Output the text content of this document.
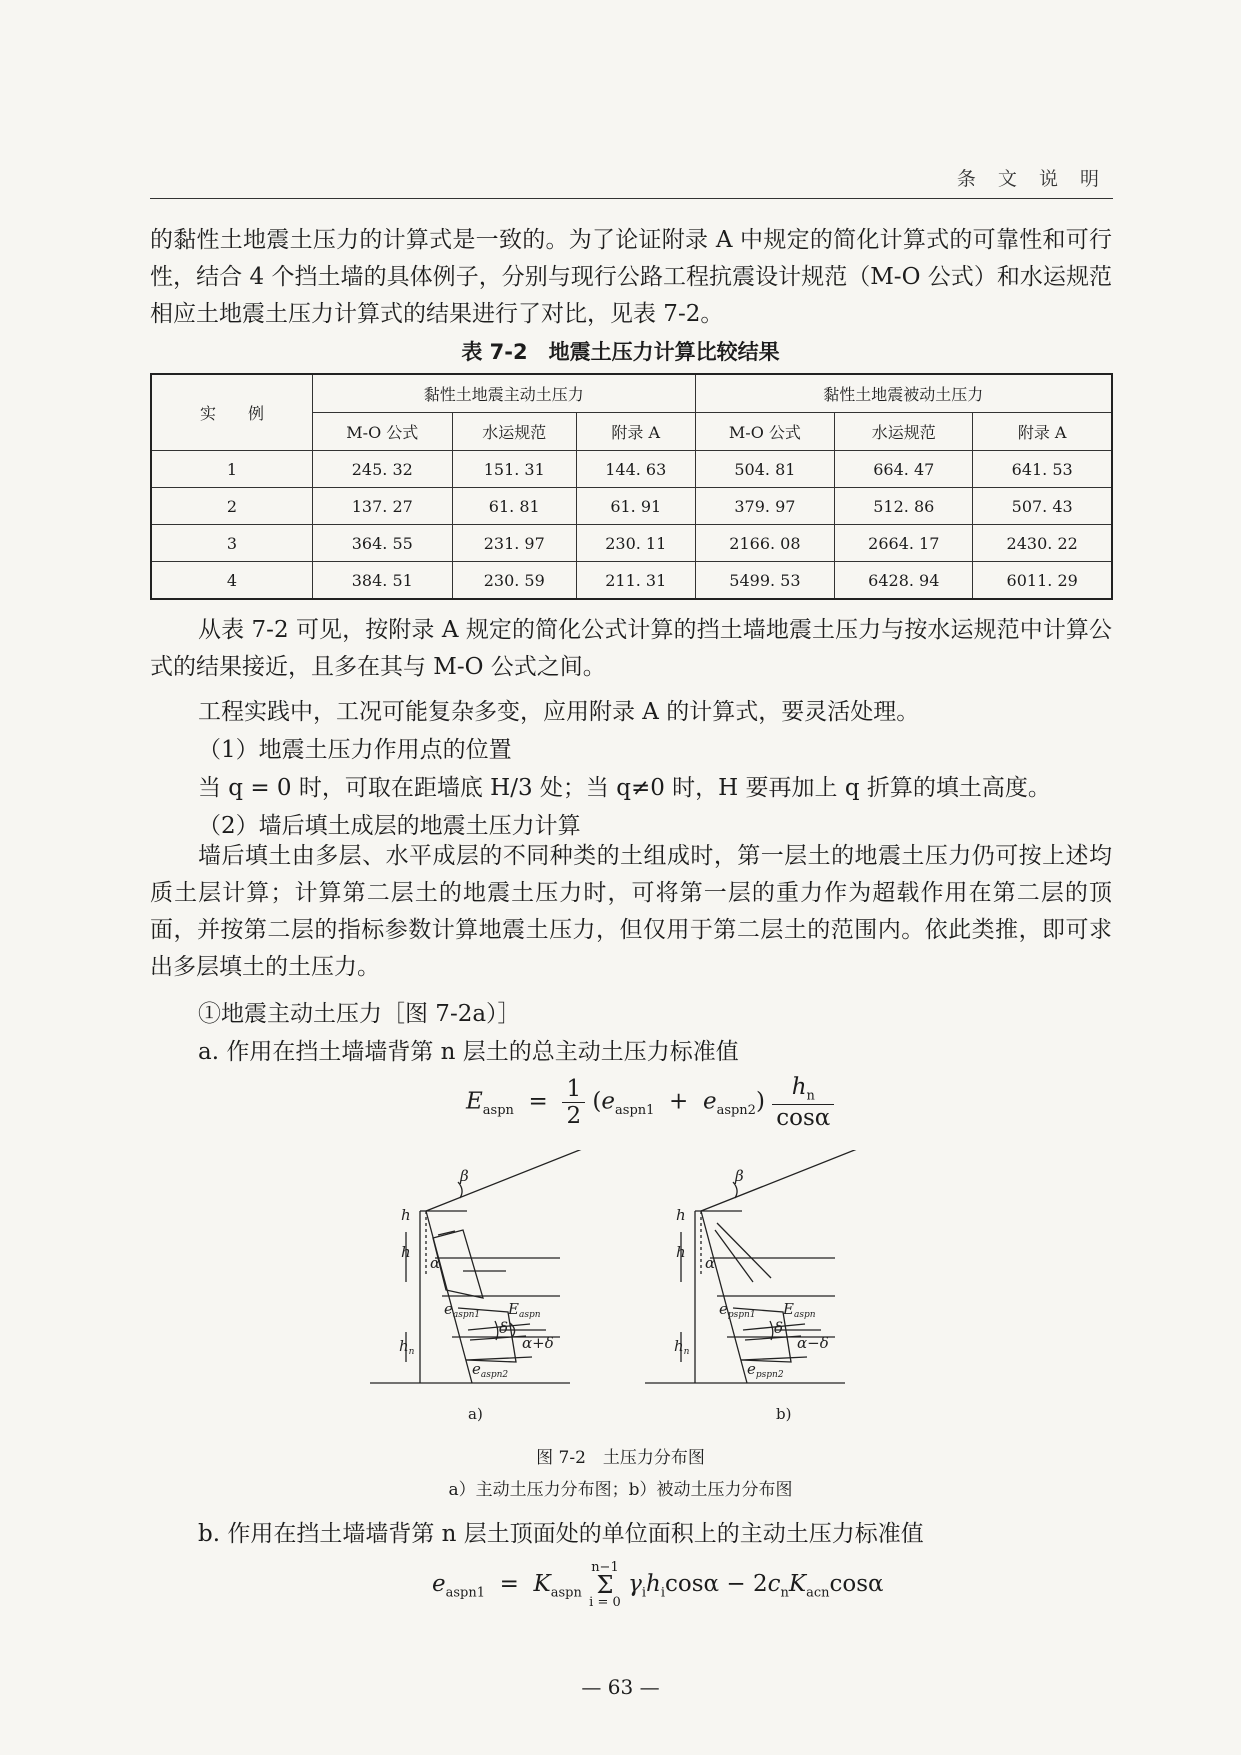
条 文 说 明

的黏性土地震土压力的计算式是一致的。为了论证附录 A 中规定的简化计算式的可靠性和可行性，结合 4 个挡土墙的具体例子，分别与现行公路工程抗震设计规范（M-O 公式）和水运规范相应土地震土压力计算式的结果进行了对比，见表 7-2。

表 7-2　地震土压力计算比较结果
实　　例	黏性土地震主动土压力			黏性土地震被动土压力		
	M-O 公式	水运规范	附录 A	M-O 公式	水运规范	附录 A
1	245. 32	151. 31	144. 63	504. 81	664. 47	641. 53
2	137. 27	61. 81	61. 91	379. 97	512. 86	507. 43
3	364. 55	231. 97	230. 11	2166. 08	2664. 17	2430. 22
4	384. 51	230. 59	211. 31	5499. 53	6428. 94	6011. 29

从表 7-2 可见，按附录 A 规定的简化公式计算的挡土墙地震土压力与按水运规范中计算公式的结果接近，且多在其与 M-O 公式之间。

工程实践中，工况可能复杂多变，应用附录 A 的计算式，要灵活处理。
（1）地震土压力作用点的位置
当 q = 0 时，可取在距墙底 H/3 处；当 q≠0 时，H 要再加上 q 折算的填土高度。
（2）墙后填土成层的地震土压力计算

墙后填土由多层、水平成层的不同种类的土组成时，第一层土的地震土压力仍可按上述均质土层计算；计算第二层土的地震土压力时，可将第一层的重力作为超载作用在第二层的顶面，并按第二层的指标参数计算地震土压力，但仅用于第二层土的范围内。依此类推，即可求出多层填土的土压力。

①地震主动土压力［图 7-2a）］
a. 作用在挡土墙墙背第 n 层土的总主动土压力标准值
$E_{aspn} = \frac{1}{2} (e_{aspn1} + e_{aspn2}) \frac{h_n}{\cos\alpha}$
β
h
h
α
$h_n$
$e_{aspn1}$ $E_{aspn}$
δ
α+δ
$e_{aspn2}$
β
h
h
α
$h_n$
$e_{pspn1}$ $E_{aspn}$
δ
α−δ
$e_{pspn2}$
a)	b)
图 7-2　土压力分布图
a）主动土压力分布图；b）被动土压力分布图
b. 作用在挡土墙墙背第 n 层土顶面处的单位面积上的主动土压力标准值
$e_{aspn1} = K_{aspn}$
n−1
Σ
i = 0
$\gamma_ih_i\cos\alpha - 2c_nK_{acn}\cos\alpha$
— 63 —
